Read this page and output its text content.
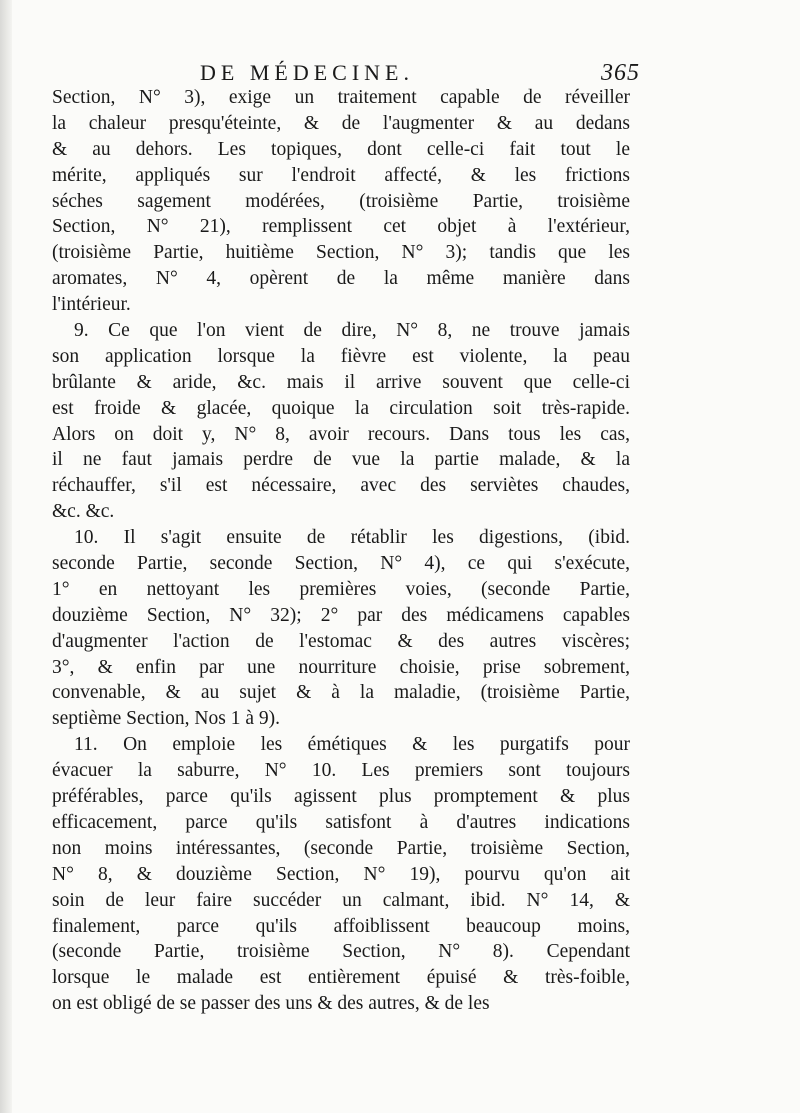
DE MÉDECINE.	365
Section, N° 3), exige un traitement capable de réveiller
la chaleur presqu'éteinte, & de l'augmenter & au dedans
& au dehors. Les topiques, dont celle-ci fait tout le
mérite, appliqués sur l'endroit affecté, & les frictions
séches sagement modérées, (troisième Partie, troisième
Section, N° 21), remplissent cet objet à l'extérieur,
(troisième Partie, huitième Section, N° 3); tandis que les
aromates, N° 4, opèrent de la même manière dans
l'intérieur.
9. Ce que l'on vient de dire, N° 8, ne trouve jamais
son application lorsque la fièvre est violente, la peau
brûlante & aride, &c. mais il arrive souvent que celle-ci
est froide & glacée, quoique la circulation soit très-rapide.
Alors on doit y, N° 8, avoir recours. Dans tous les cas,
il ne faut jamais perdre de vue la partie malade, & la
réchauffer, s'il est nécessaire, avec des serviètes chaudes,
&c. &c.
10. Il s'agit ensuite de rétablir les digestions, (ibid.
seconde Partie, seconde Section, N° 4), ce qui s'exécute,
1° en nettoyant les premières voies, (seconde Partie,
douzième Section, N° 32); 2° par des médicamens capables
d'augmenter l'action de l'estomac & des autres viscères;
3°, & enfin par une nourriture choisie, prise sobrement,
convenable, & au sujet & à la maladie, (troisième Partie,
septième Section, Nos 1 à 9).
11. On emploie les émétiques & les purgatifs pour
évacuer la saburre, N° 10. Les premiers sont toujours
préférables, parce qu'ils agissent plus promptement & plus
efficacement, parce qu'ils satisfont à d'autres indications
non moins intéressantes, (seconde Partie, troisième Section,
N° 8, & douzième Section, N° 19), pourvu qu'on ait
soin de leur faire succéder un calmant, ibid. N° 14, &
finalement, parce qu'ils affoiblissent beaucoup moins,
(seconde Partie, troisième Section, N° 8). Cependant
lorsque le malade est entièrement épuisé & très-foible,
on est obligé de se passer des uns & des autres, & de les
